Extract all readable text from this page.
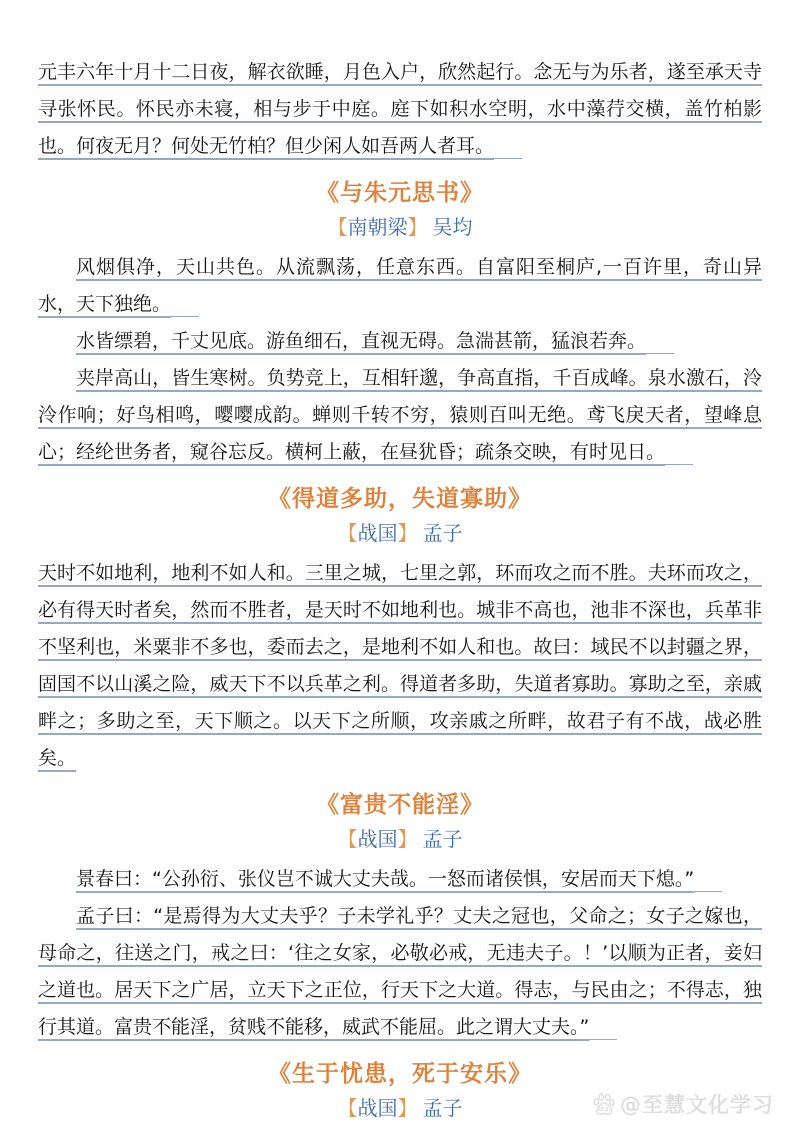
元丰六年十月十二日夜，解衣欲睡，月色入户，欣然起行。念无与为乐者，遂至承天寺寻张怀民。怀民亦未寝，相与步于中庭。庭下如积水空明，水中藻荇交横，盖竹柏影也。何夜无月？何处无竹柏？但少闲人如吾两人者耳。

《与朱元思书》
【南朝梁】 吴均

风烟俱净，天山共色。从流飘荡，任意东西。自富阳至桐庐,一百许里，奇山异水，天下独绝。

水皆缥碧，千丈见底。游鱼细石，直视无碍。急湍甚箭，猛浪若奔。

夹岸高山，皆生寒树。负势竞上，互相轩邈，争高直指，千百成峰。泉水激石，泠泠作响；好鸟相鸣，嘤嘤成韵。蝉则千转不穷，猿则百叫无绝。鸢飞戾天者，望峰息心；经纶世务者，窥谷忘反。横柯上蔽，在昼犹昏；疏条交映，有时见日。

《得道多助，失道寡助》
【战国】 孟子

天时不如地利，地利不如人和。三里之城，七里之郭，环而攻之而不胜。夫环而攻之，必有得天时者矣，然而不胜者，是天时不如地利也。城非不高也，池非不深也，兵革非不坚利也，米粟非不多也，委而去之，是地利不如人和也。故曰：域民不以封疆之界，固国不以山溪之险，威天下不以兵革之利。得道者多助，失道者寡助。寡助之至，亲戚畔之；多助之至，天下顺之。以天下之所顺，攻亲戚之所畔，故君子有不战，战必胜矣。

《富贵不能淫》
【战国】 孟子

景春曰：“公孙衍、张仪岂不诚大丈夫哉。一怒而诸侯惧，安居而天下熄。”

孟子曰：“是焉得为大丈夫乎？子未学礼乎？丈夫之冠也，父命之；女子之嫁也，母命之，往送之门，戒之曰：‘往之女家，必敬必戒，无违夫子。！’以顺为正者，妾妇之道也。居天下之广居，立天下之正位，行天下之大道。得志，与民由之；不得志，独行其道。富贵不能淫，贫贱不能移，威武不能屈。此之谓大丈夫。”

《生于忧患，死于安乐》
【战国】 孟子	du @至慧文化学习
